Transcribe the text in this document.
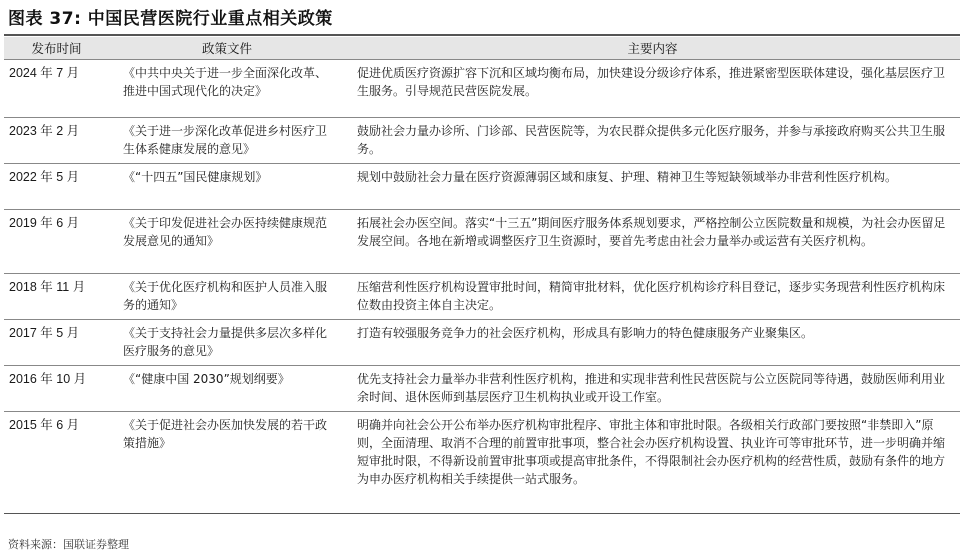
图表 37: 中国民营医院行业重点相关政策
发布时间	政策文件	主要内容
2024 年 7 月	《中共中央关于进一步全面深化改革、推进中国式现代化的决定》	促进优质医疗资源扩容下沉和区域均衡布局，加快建设分级诊疗体系，推进紧密型医联体建设，强化基层医疗卫生服务。引导规范民营医院发展。
2023 年 2 月	《关于进一步深化改革促进乡村医疗卫生体系健康发展的意见》	鼓励社会力量办诊所、门诊部、民营医院等，为农民群众提供多元化医疗服务，并参与承接政府购买公共卫生服务。
2022 年 5 月	《“十四五”国民健康规划》	规划中鼓励社会力量在医疗资源薄弱区域和康复、护理、精神卫生等短缺领域举办非营利性医疗机构。
2019 年 6 月	《关于印发促进社会办医持续健康规范发展意见的通知》	拓展社会办医空间。落实“十三五”期间医疗服务体系规划要求，严格控制公立医院数量和规模，为社会办医留足发展空间。各地在新增或调整医疗卫生资源时，要首先考虑由社会力量举办或运营有关医疗机构。
2018 年 11 月	《关于优化医疗机构和医护人员准入服务的通知》	压缩营利性医疗机构设置审批时间，精简审批材料，优化医疗机构诊疗科目登记，逐步实务现营利性医疗机构床位数由投资主体自主决定。
2017 年 5 月	《关于支持社会力量提供多层次多样化医疗服务的意见》	打造有较强服务竞争力的社会医疗机构，形成具有影响力的特色健康服务产业聚集区。
2016 年 10 月	《“健康中国 2030”规划纲要》	优先支持社会力量举办非营利性医疗机构，推进和实现非营利性民营医院与公立医院同等待遇，鼓励医师利用业余时间、退休医师到基层医疗卫生机构执业或开设工作室。
2015 年 6 月	《关于促进社会办医加快发展的若干政策措施》	明确并向社会公开公布举办医疗机构审批程序、审批主体和审批时限。各级相关行政部门要按照“非禁即入”原则，全面清理、取消不合理的前置审批事项，整合社会办医疗机构设置、执业许可等审批环节，进一步明确并缩短审批时限，不得新设前置审批事项或提高审批条件，不得限制社会办医疗机构的经营性质，鼓励有条件的地方为申办医疗机构相关手续提供一站式服务。
资料来源：国联证券整理
